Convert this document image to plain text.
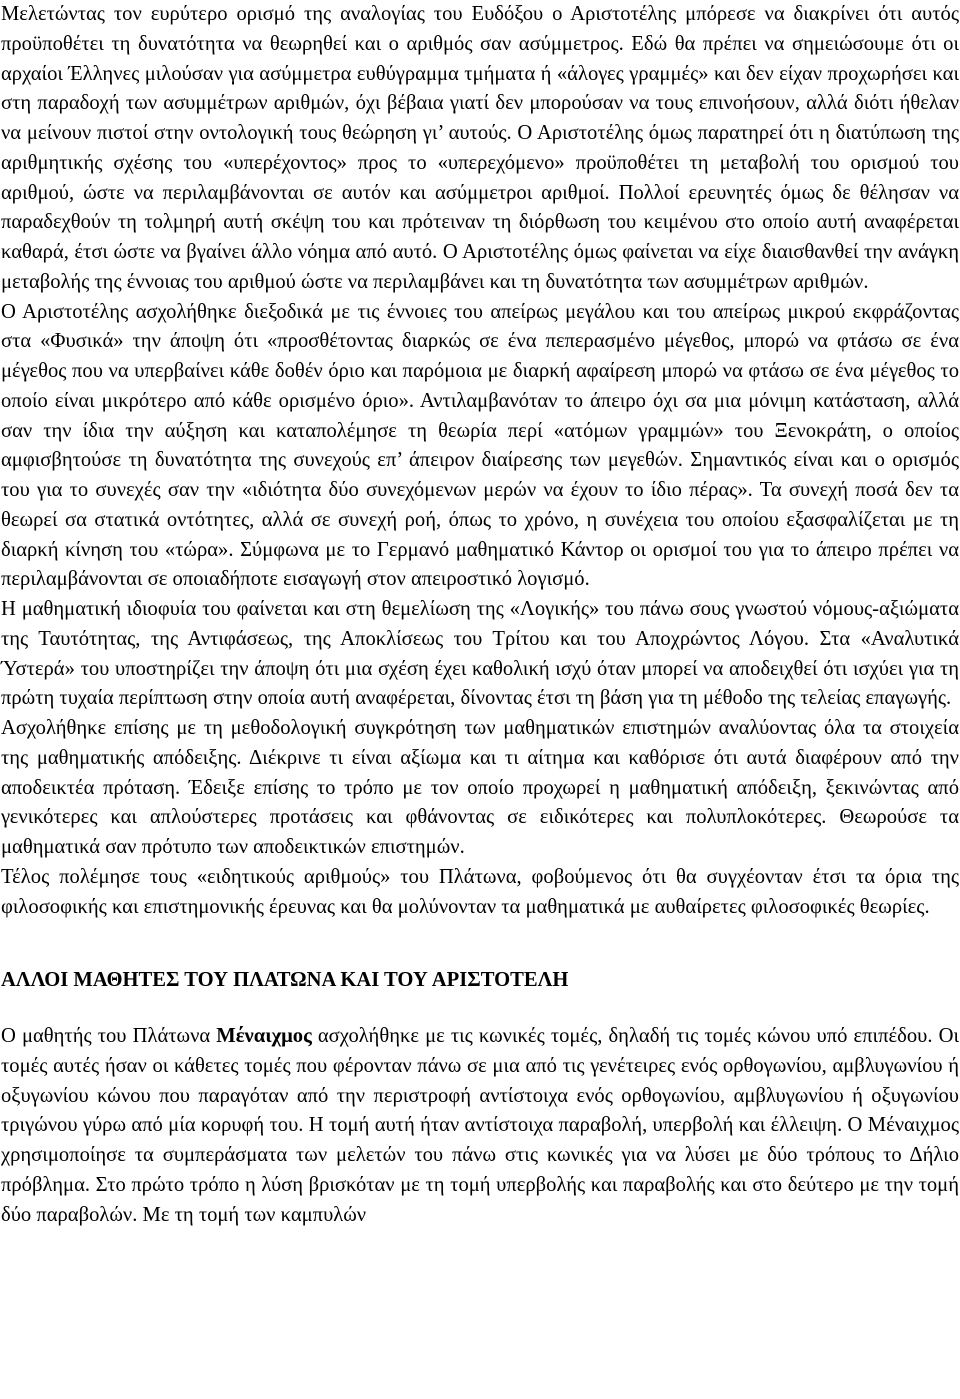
Μελετώντας τον ευρύτερο ορισμό της αναλογίας του Ευδόξου ο Αριστοτέλης μπόρεσε να διακρίνει ότι αυτός προϋποθέτει τη δυνατότητα να θεωρηθεί και ο αριθμός σαν ασύμμετρος. Εδώ θα πρέπει να σημειώσουμε ότι οι αρχαίοι Έλληνες μιλούσαν για ασύμμετρα ευθύγραμμα τμήματα ή «άλογες γραμμές» και δεν είχαν προχωρήσει και στη παραδοχή των ασυμμέτρων αριθμών, όχι βέβαια γιατί δεν μπορούσαν να τους επινοήσουν, αλλά διότι ήθελαν να μείνουν πιστοί στην οντολογική τους θεώρηση γι’ αυτούς. Ο Αριστοτέλης όμως παρατηρεί ότι η διατύπωση της αριθμητικής σχέσης του «υπερέχοντος» προς το «υπερεχόμενο» προϋποθέτει τη μεταβολή του ορισμού του αριθμού, ώστε να περιλαμβάνονται σε αυτόν και ασύμμετροι αριθμοί. Πολλοί ερευνητές όμως δε θέλησαν να παραδεχθούν τη τολμηρή αυτή σκέψη του και πρότειναν τη διόρθωση του κειμένου στο οποίο αυτή αναφέρεται καθαρά, έτσι ώστε να βγαίνει άλλο νόημα από αυτό. Ο Αριστοτέλης όμως φαίνεται να είχε διαισθανθεί την ανάγκη μεταβολής της έννοιας του αριθμού ώστε να περιλαμβάνει και τη δυνατότητα των ασυμμέτρων αριθμών.

Ο Αριστοτέλης ασχολήθηκε διεξοδικά με τις έννοιες του απείρως μεγάλου και του απείρως μικρού εκφράζοντας στα «Φυσικά» την άποψη ότι «προσθέτοντας διαρκώς σε ένα πεπερασμένο μέγεθος, μπορώ να φτάσω σε ένα μέγεθος που να υπερβαίνει κάθε δοθέν όριο και παρόμοια με διαρκή αφαίρεση μπορώ να φτάσω σε ένα μέγεθος το οποίο είναι μικρότερο από κάθε ορισμένο όριο». Αντιλαμβανόταν το άπειρο όχι σα μια μόνιμη κατάσταση, αλλά σαν την ίδια την αύξηση και καταπολέμησε τη θεωρία περί «ατόμων γραμμών» του Ξενοκράτη, ο οποίος αμφισβητούσε τη δυνατότητα της συνεχούς επ’ άπειρον διαίρεσης των μεγεθών. Σημαντικός είναι και ο ορισμός του για το συνεχές σαν την «ιδιότητα δύο συνεχόμενων μερών να έχουν το ίδιο πέρας». Τα συνεχή ποσά δεν τα θεωρεί σα στατικά οντότητες, αλλά σε συνεχή ροή, όπως το χρόνο, η συνέχεια του οποίου εξασφαλίζεται με τη διαρκή κίνηση του «τώρα». Σύμφωνα με το Γερμανό μαθηματικό Κάντορ οι ορισμοί του για το άπειρο πρέπει να περιλαμβάνονται σε οποιαδήποτε εισαγωγή στον απειροστικό λογισμό.

Η μαθηματική ιδιοφυία του φαίνεται και στη θεμελίωση της «Λογικής» του πάνω σους γνωστού νόμους-αξιώματα της Ταυτότητας, της Αντιφάσεως, της Αποκλίσεως του Τρίτου και του Αποχρώντος Λόγου. Στα «Αναλυτικά Ύστερά» του υποστηρίζει την άποψη ότι μια σχέση έχει καθολική ισχύ όταν μπορεί να αποδειχθεί ότι ισχύει για τη πρώτη τυχαία περίπτωση στην οποία αυτή αναφέρεται, δίνοντας έτσι τη βάση για τη μέθοδο της τελείας επαγωγής.

Ασχολήθηκε επίσης με τη μεθοδολογική συγκρότηση των μαθηματικών επιστημών αναλύοντας όλα τα στοιχεία της μαθηματικής απόδειξης. Διέκρινε τι είναι αξίωμα και τι αίτημα και καθόρισε ότι αυτά διαφέρουν από την αποδεικτέα πρόταση. Έδειξε επίσης το τρόπο με τον οποίο προχωρεί η μαθηματική απόδειξη, ξεκινώντας από γενικότερες και απλούστερες προτάσεις και φθάνοντας σε ειδικότερες και πολυπλοκότερες. Θεωρούσε τα μαθηματικά σαν πρότυπο των αποδεικτικών επιστημών.

Τέλος πολέμησε τους «ειδητικούς αριθμούς» του Πλάτωνα, φοβούμενος ότι θα συγχέονταν έτσι τα όρια της φιλοσοφικής και επιστημονικής έρευνας και θα μολύνονταν τα μαθηματικά με αυθαίρετες φιλοσοφικές θεωρίες.

ΑΛΛΟΙ ΜΑΘΗΤΕΣ ΤΟΥ ΠΛΑΤΩΝΑ ΚΑΙ ΤΟΥ ΑΡΙΣΤΟΤΕΛΗ

Ο μαθητής του Πλάτωνα Μέναιχμος ασχολήθηκε με τις κωνικές τομές, δηλαδή τις τομές κώνου υπό επιπέδου. Οι τομές αυτές ήσαν οι κάθετες τομές που φέρονταν πάνω σε μια από τις γενέτειρες ενός ορθογωνίου, αμβλυγωνίου ή οξυγωνίου κώνου που παραγόταν από την περιστροφή αντίστοιχα ενός ορθογωνίου, αμβλυγωνίου ή οξυγωνίου τριγώνου γύρω από μία κορυφή του. Η τομή αυτή ήταν αντίστοιχα παραβολή, υπερβολή και έλλειψη. Ο Μέναιχμος χρησιμοποίησε τα συμπεράσματα των μελετών του πάνω στις κωνικές για να λύσει με δύο τρόπους το Δήλιο πρόβλημα. Στο πρώτο τρόπο η λύση βρισκόταν με τη τομή υπερβολής και παραβολής και στο δεύτερο με την τομή δύο παραβολών. Με τη τομή των καμπυλών
